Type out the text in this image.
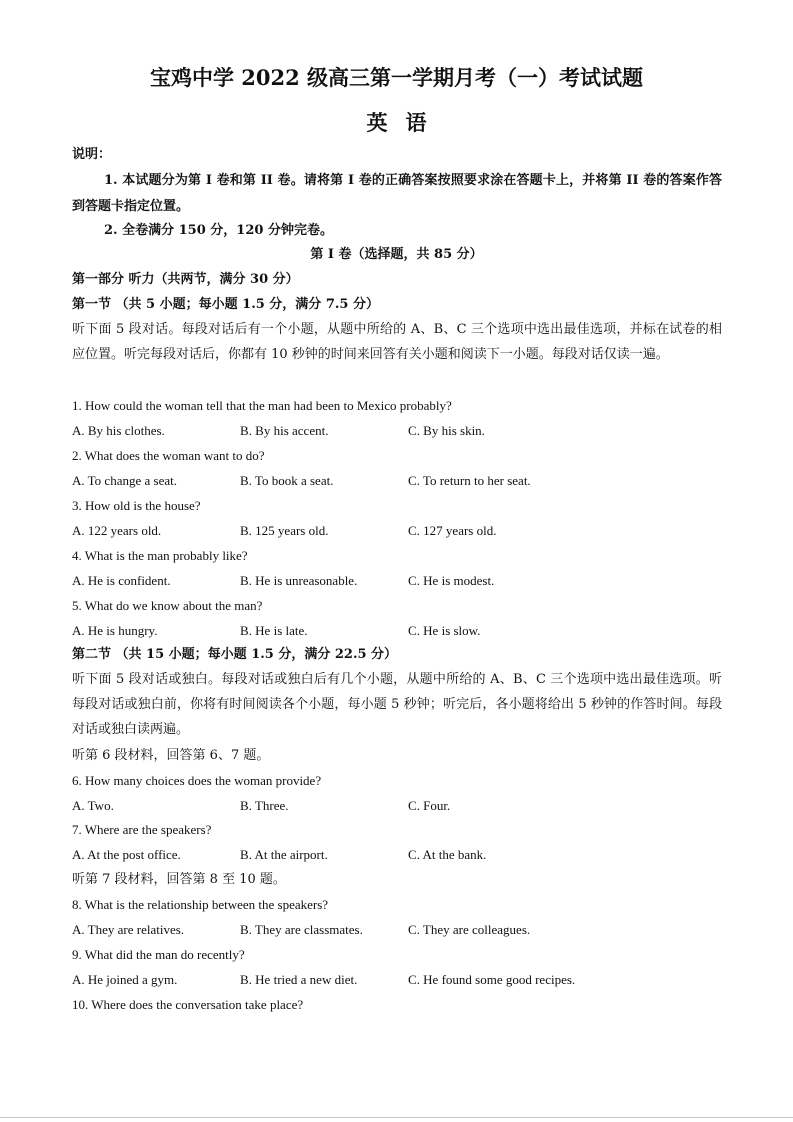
宝鸡中学 2022 级高三第一学期月考（一）考试试题
英语
说明：
1. 本试题分为第 I 卷和第 II 卷。请将第 I 卷的正确答案按照要求涂在答题卡上，并将第 II 卷的答案作答到答题卡指定位置。
2. 全卷满分 150 分，120 分钟完卷。
第 I 卷（选择题，共 85 分）
第一部分 听力（共两节，满分 30 分）
第一节 （共 5 小题；每小题 1.5 分，满分 7.5 分）
听下面 5 段对话。每段对话后有一个小题，从题中所给的 A、B、C 三个选项中选出最佳选项，并标在试卷的相应位置。听完每段对话后，你都有 10 秒钟的时间来回答有关小题和阅读下一小题。每段对话仅读一遍。
1. How could the woman tell that the man had been to Mexico probably?
A. By his clothes.	B. By his accent.	C. By his skin.
2. What does the woman want to do?
A. To change a seat.	B. To book a seat.	C. To return to her seat.
3. How old is the house?
A. 122 years old.	B. 125 years old.	C. 127 years old.
4. What is the man probably like?
A. He is confident.	B. He is unreasonable.	C. He is modest.
5. What do we know about the man?
A. He is hungry.	B. He is late.	C. He is slow.
第二节 （共 15 小题；每小题 1.5 分，满分 22.5 分）
听下面 5 段对话或独白。每段对话或独白后有几个小题，从题中所给的 A、B、C 三个选项中选出最佳选项。听每段对话或独白前，你将有时间阅读各个小题，每小题 5 秒钟；听完后，各小题将给出 5 秒钟的作答时间。每段对话或独白读两遍。
听第 6 段材料，回答第 6、7 题。
6. How many choices does the woman provide?
A. Two.	B. Three.	C. Four.
7. Where are the speakers?
A. At the post office.	B. At the airport.	C. At the bank.
听第 7 段材料，回答第 8 至 10 题。
8. What is the relationship between the speakers?
A. They are relatives.	B. They are classmates.	C. They are colleagues.
9. What did the man do recently?
A. He joined a gym.	B. He tried a new diet.	C. He found some good recipes.
10. Where does the conversation take place?
